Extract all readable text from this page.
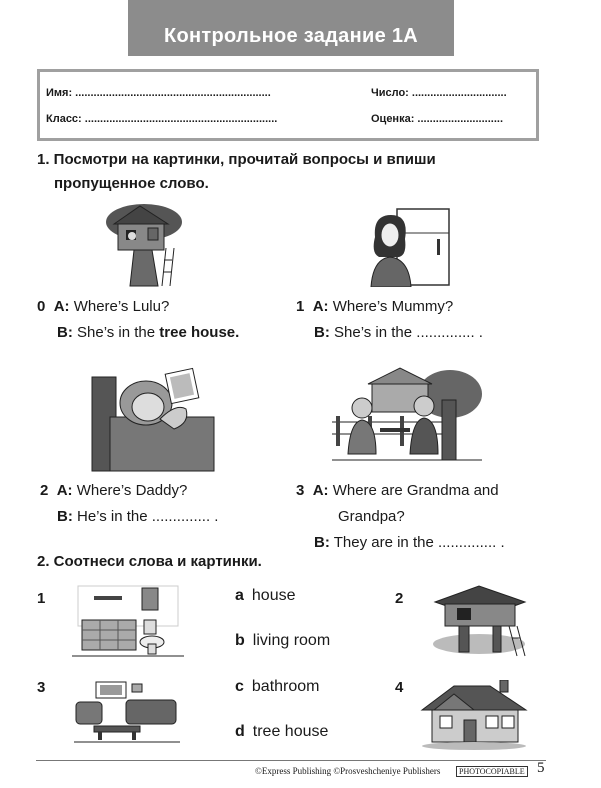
Контрольное задание 1А
Имя: ................................................................
Класс: ...............................................................
Число: ...............................
Оценка: ............................
1. Посмотри на картинки, прочитай вопросы и впиши
пропущенное слово.
0 A: Where’s Lulu?
B: She’s in the tree house.
1 A: Where’s Mummy?
B: She’s in the .............. .
2 A: Where’s Daddy?
B: He’s in the .............. .
3 A: Where are Grandma and
Grandpa?
B: They are in the .............. .
2. Соотнеси слова и картинки.
1	2
3	4
a house
b living room
c bathroom
d tree house
©Express Publishing ©Prosveshcheniye Publishers	PHOTOCOPIABLE 5
